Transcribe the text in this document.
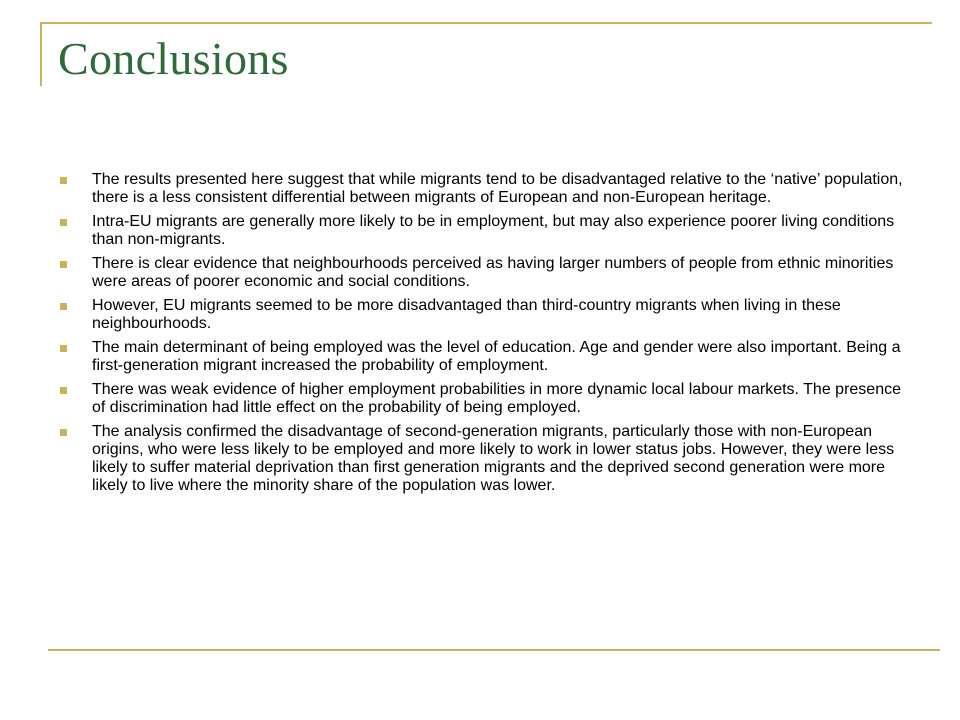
Conclusions
The results presented here suggest that while migrants tend to be disadvantaged relative to the ‘native’ population, there is a less consistent differential between migrants of European and non-European heritage.
Intra-EU migrants are generally more likely to be in employment, but may also experience poorer living conditions than non-migrants.
There is clear evidence that neighbourhoods perceived as having larger numbers of people from ethnic minorities were areas of poorer economic and social conditions.
However, EU migrants seemed to be more disadvantaged than third-country migrants when living in these neighbourhoods.
The main determinant of being employed was the level of education. Age and gender were also important. Being a first-generation migrant increased the probability of employment.
There was weak evidence of higher employment probabilities in more dynamic local labour markets. The presence of discrimination had little effect on the probability of being employed.
The analysis confirmed the disadvantage of second-generation migrants, particularly those with non-European origins, who were less likely to be employed and more likely to work in lower status jobs. However, they were less likely to suffer material deprivation than first generation migrants and the deprived second generation were more likely to live where the minority share of the population was lower.
